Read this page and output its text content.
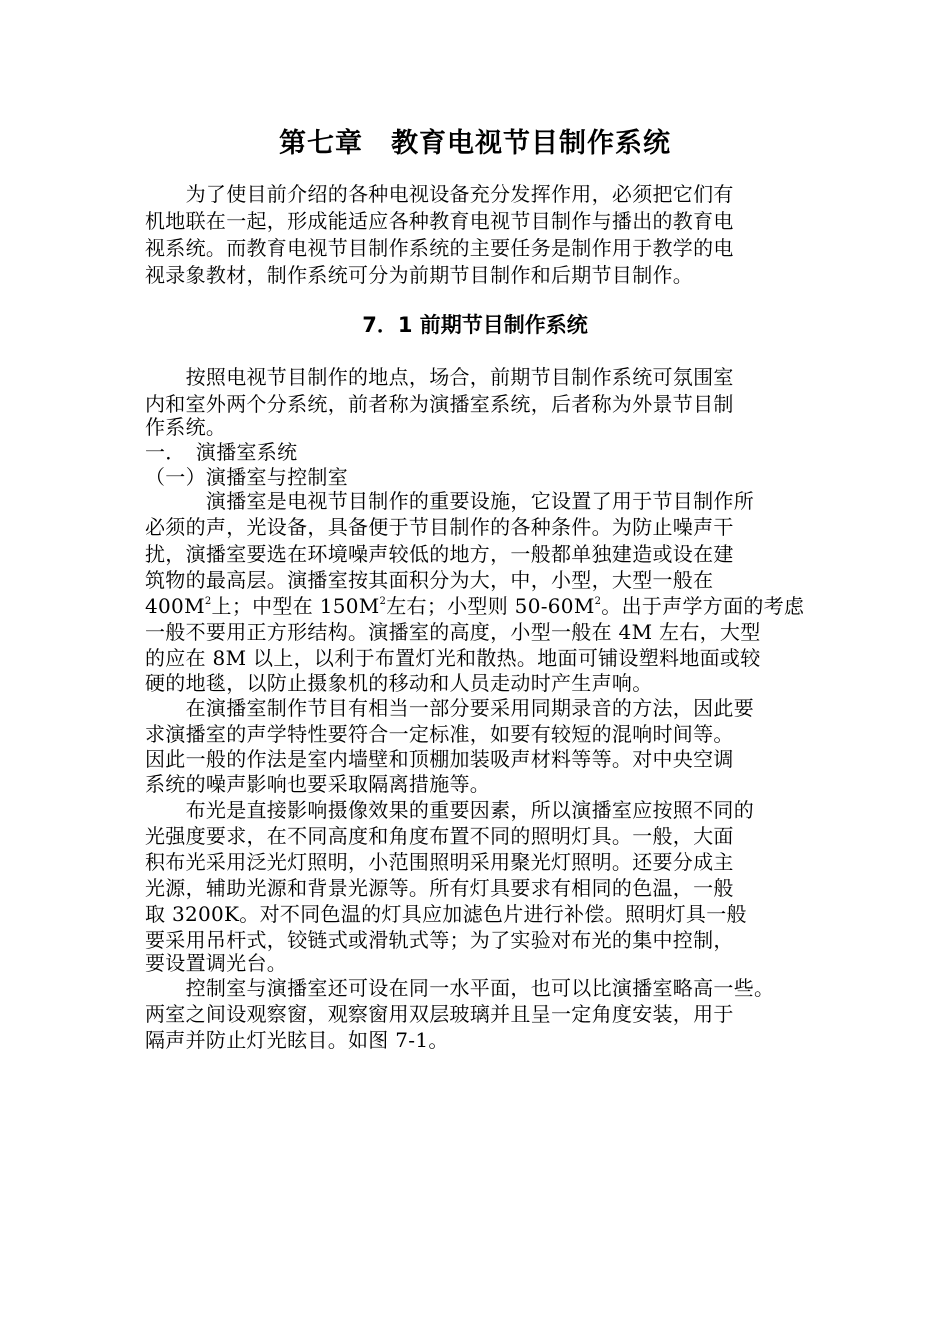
第七章　教育电视节目制作系统
　　为了使目前介绍的各种电视设备充分发挥作用，必须把它们有
机地联在一起，形成能适应各种教育电视节目制作与播出的教育电
视系统。而教育电视节目制作系统的主要任务是制作用于教学的电
视录象教材，制作系统可分为前期节目制作和后期节目制作。
7．1 前期节目制作系统
　　按照电视节目制作的地点，场合，前期节目制作系统可氛围室
内和室外两个分系统，前者称为演播室系统，后者称为外景节目制
作系统。
一．　演播室系统
（一）演播室与控制室
　　　演播室是电视节目制作的重要设施，它设置了用于节目制作所
必须的声，光设备，具备便于节目制作的各种条件。为防止噪声干
扰，演播室要选在环境噪声较低的地方，一般都单独建造或设在建
筑物的最高层。演播室按其面积分为大，中，小型，大型一般在
$400M^2$上；中型在 $150M^2$左右；小型则 $50-60M^2$。出于声学方面的考虑
一般不要用正方形结构。演播室的高度，小型一般在 4M 左右，大型
的应在 8M 以上，以利于布置灯光和散热。地面可铺设塑料地面或较
硬的地毯，以防止摄象机的移动和人员走动时产生声响。
　　在演播室制作节目有相当一部分要采用同期录音的方法，因此要
求演播室的声学特性要符合一定标准，如要有较短的混响时间等。
因此一般的作法是室内墙壁和顶棚加装吸声材料等等。对中央空调
系统的噪声影响也要采取隔离措施等。
　　布光是直接影响摄像效果的重要因素，所以演播室应按照不同的
光强度要求，在不同高度和角度布置不同的照明灯具。一般，大面
积布光采用泛光灯照明，小范围照明采用聚光灯照明。还要分成主
光源，辅助光源和背景光源等。所有灯具要求有相同的色温，一般
取 3200K。对不同色温的灯具应加滤色片进行补偿。照明灯具一般
要采用吊杆式，铰链式或滑轨式等；为了实验对布光的集中控制，
要设置调光台。
　　控制室与演播室还可设在同一水平面，也可以比演播室略高一些。
两室之间设观察窗，观察窗用双层玻璃并且呈一定角度安装，用于
隔声并防止灯光眩目。如图 7-1。
